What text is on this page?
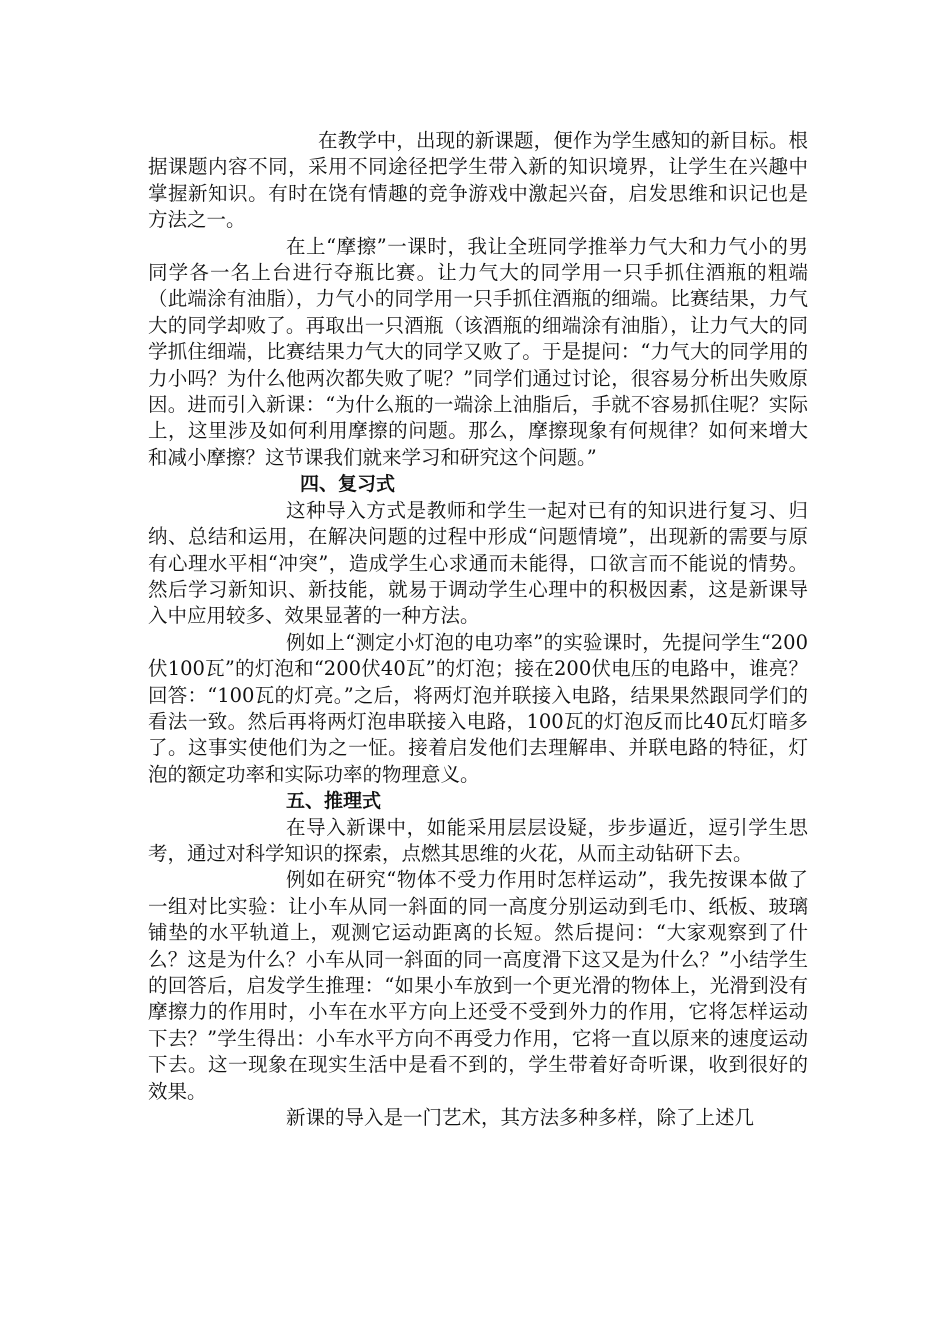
在教学中，出现的新课题，便作为学生感知的新目标。根据课题内容不同，采用不同途径把学生带入新的知识境界，让学生在兴趣中掌握新知识。有时在饶有情趣的竞争游戏中激起兴奋，启发思维和识记也是方法之一。

在上“摩擦”一课时，我让全班同学推举力气大和力气小的男同学各一名上台进行夺瓶比赛。让力气大的同学用一只手抓住酒瓶的粗端（此端涂有油脂），力气小的同学用一只手抓住酒瓶的细端。比赛结果，力气大的同学却败了。再取出一只酒瓶（该酒瓶的细端涂有油脂），让力气大的同学抓住细端，比赛结果力气大的同学又败了。于是提问：“力气大的同学用的力小吗？为什么他两次都失败了呢？”同学们通过讨论，很容易分析出失败原因。进而引入新课：“为什么瓶的一端涂上油脂后，手就不容易抓住呢？实际上，这里涉及如何利用摩擦的问题。那么，摩擦现象有何规律？如何来增大和减小摩擦？这节课我们就来学习和研究这个问题。”

四、复习式

这种导入方式是教师和学生一起对已有的知识进行复习、归纳、总结和运用，在解决问题的过程中形成“问题情境”，出现新的需要与原有心理水平相“冲突”，造成学生心求通而未能得，口欲言而不能说的情势。然后学习新知识、新技能，就易于调动学生心理中的积极因素，这是新课导入中应用较多、效果显著的一种方法。

例如上“测定小灯泡的电功率”的实验课时，先提问学生“200伏100瓦”的灯泡和“200伏40瓦”的灯泡；接在200伏电压的电路中，谁亮？回答：“100瓦的灯亮。”之后，将两灯泡并联接入电路，结果果然跟同学们的看法一致。然后再将两灯泡串联接入电路，100瓦的灯泡反而比40瓦灯暗多了。这事实使他们为之一怔。接着启发他们去理解串、并联电路的特征，灯泡的额定功率和实际功率的物理意义。

五、推理式

在导入新课中，如能采用层层设疑，步步逼近，逗引学生思考，通过对科学知识的探索，点燃其思维的火花，从而主动钻研下去。

例如在研究“物体不受力作用时怎样运动”，我先按课本做了一组对比实验：让小车从同一斜面的同一高度分别运动到毛巾、纸板、玻璃铺垫的水平轨道上，观测它运动距离的长短。然后提问：“大家观察到了什么？这是为什么？小车从同一斜面的同一高度滑下这又是为什么？”小结学生的回答后，启发学生推理：“如果小车放到一个更光滑的物体上，光滑到没有摩擦力的作用时，小车在水平方向上还受不受到外力的作用，它将怎样运动下去？”学生得出：小车水平方向不再受力作用，它将一直以原来的速度运动下去。这一现象在现实生活中是看不到的，学生带着好奇听课，收到很好的效果。

新课的导入是一门艺术，其方法多种多样，除了上述几
